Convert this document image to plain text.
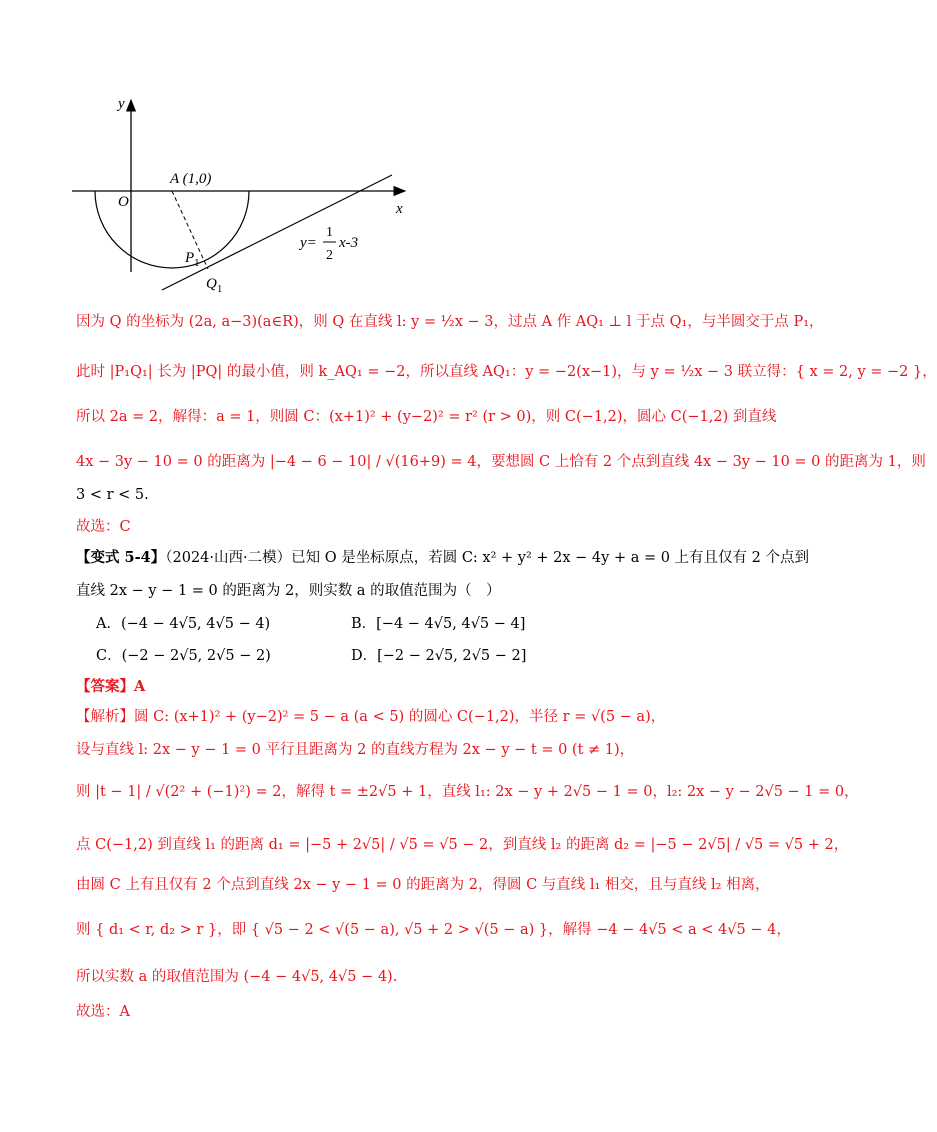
y
x
O
A (1,0)
$P_1$
$Q_1$
y=
1
2
x-3
因为 Q 的坐标为 (2a, a−3)(a∈R)，则 Q 在直线 l: y = ½x − 3，过点 A 作 AQ₁ ⊥ l 于点 Q₁，与半圆交于点 P₁，
此时 |P₁Q₁| 长为 |PQ| 的最小值，则 k_AQ₁ = −2，所以直线 AQ₁：y = −2(x−1)，与 y = ½x − 3 联立得：{ x = 2, y = −2 }，
所以 2a = 2，解得：a = 1，则圆 C：(x+1)² + (y−2)² = r² (r > 0)，则 C(−1,2)，圆心 C(−1,2) 到直线
4x − 3y − 10 = 0 的距离为 |−4 − 6 − 10| / √(16+9) = 4，要想圆 C 上恰有 2 个点到直线 4x − 3y − 10 = 0 的距离为 1，则
3 < r < 5.
故选：C
【变式 5-4】（2024·山西·二模）已知 O 是坐标原点，若圆 C: x² + y² + 2x − 4y + a = 0 上有且仅有 2 个点到
直线 2x − y − 1 = 0 的距离为 2，则实数 a 的取值范围为（　）
A．(−4 − 4√5, 4√5 − 4)	B．[−4 − 4√5, 4√5 − 4]
C．(−2 − 2√5, 2√5 − 2)	D．[−2 − 2√5, 2√5 − 2]
【答案】A
【解析】圆 C: (x+1)² + (y−2)² = 5 − a (a < 5) 的圆心 C(−1,2)，半径 r = √(5 − a)，
设与直线 l: 2x − y − 1 = 0 平行且距离为 2 的直线方程为 2x − y − t = 0 (t ≠ 1)，
则 |t − 1| / √(2² + (−1)²) = 2，解得 t = ±2√5 + 1，直线 l₁: 2x − y + 2√5 − 1 = 0，l₂: 2x − y − 2√5 − 1 = 0，
点 C(−1,2) 到直线 l₁ 的距离 d₁ = |−5 + 2√5| / √5 = √5 − 2，到直线 l₂ 的距离 d₂ = |−5 − 2√5| / √5 = √5 + 2，
由圆 C 上有且仅有 2 个点到直线 2x − y − 1 = 0 的距离为 2，得圆 C 与直线 l₁ 相交，且与直线 l₂ 相离，
则 { d₁ < r, d₂ > r }，即 { √5 − 2 < √(5 − a), √5 + 2 > √(5 − a) }，解得 −4 − 4√5 < a < 4√5 − 4，
所以实数 a 的取值范围为 (−4 − 4√5, 4√5 − 4).
故选：A
